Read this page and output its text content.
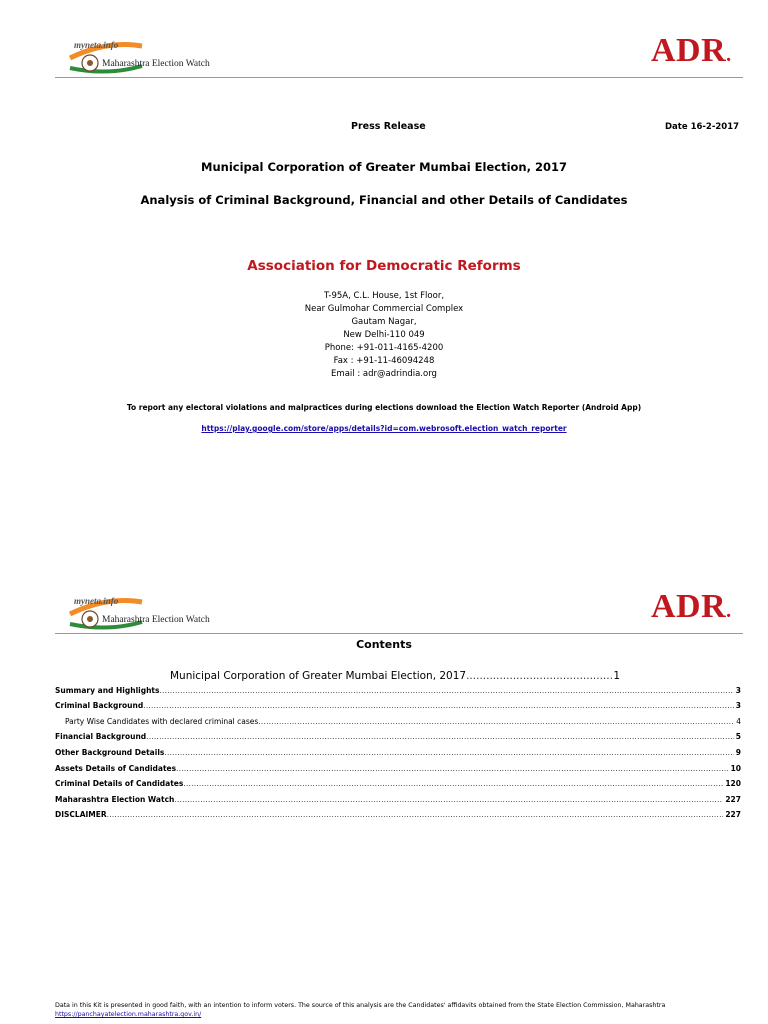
myneta.info
Maharashtra Election Watch	ADR.
Press Release	Date 16-2-2017
Municipal Corporation of Greater Mumbai Election, 2017
Analysis of Criminal Background, Financial and other Details of Candidates
Association for Democratic Reforms
T-95A, C.L. House, 1st Floor,
Near Gulmohar Commercial Complex
Gautam Nagar,
New Delhi-110 049
Phone: +91-011-4165-4200
Fax : +91-11-46094248
Email : adr@adrindia.org
To report any electoral violations and malpractices during elections download the Election Watch Reporter (Android App)
https://play.google.com/store/apps/details?id=com.webrosoft.election_watch_reporter
myneta.info
Maharashtra Election Watch	ADR.
Contents
Municipal Corporation of Greater Mumbai Election, 2017 .....	1
Summary and Highlights .....	3
Criminal Background .....	3
Party Wise Candidates with declared criminal cases .....	4
Financial Background .....	5
Other Background Details .....	9
Assets Details of Candidates .....	10
Criminal Details of Candidates .....	120
Maharashtra Election Watch .....	227
DISCLAIMER .....	227
Data in this Kit is presented in good faith, with an intention to inform voters. The source of this analysis are the Candidates' affidavits obtained from the State Election Commission, Maharashtra
https://panchayatelection.maharashtra.gov.in/
